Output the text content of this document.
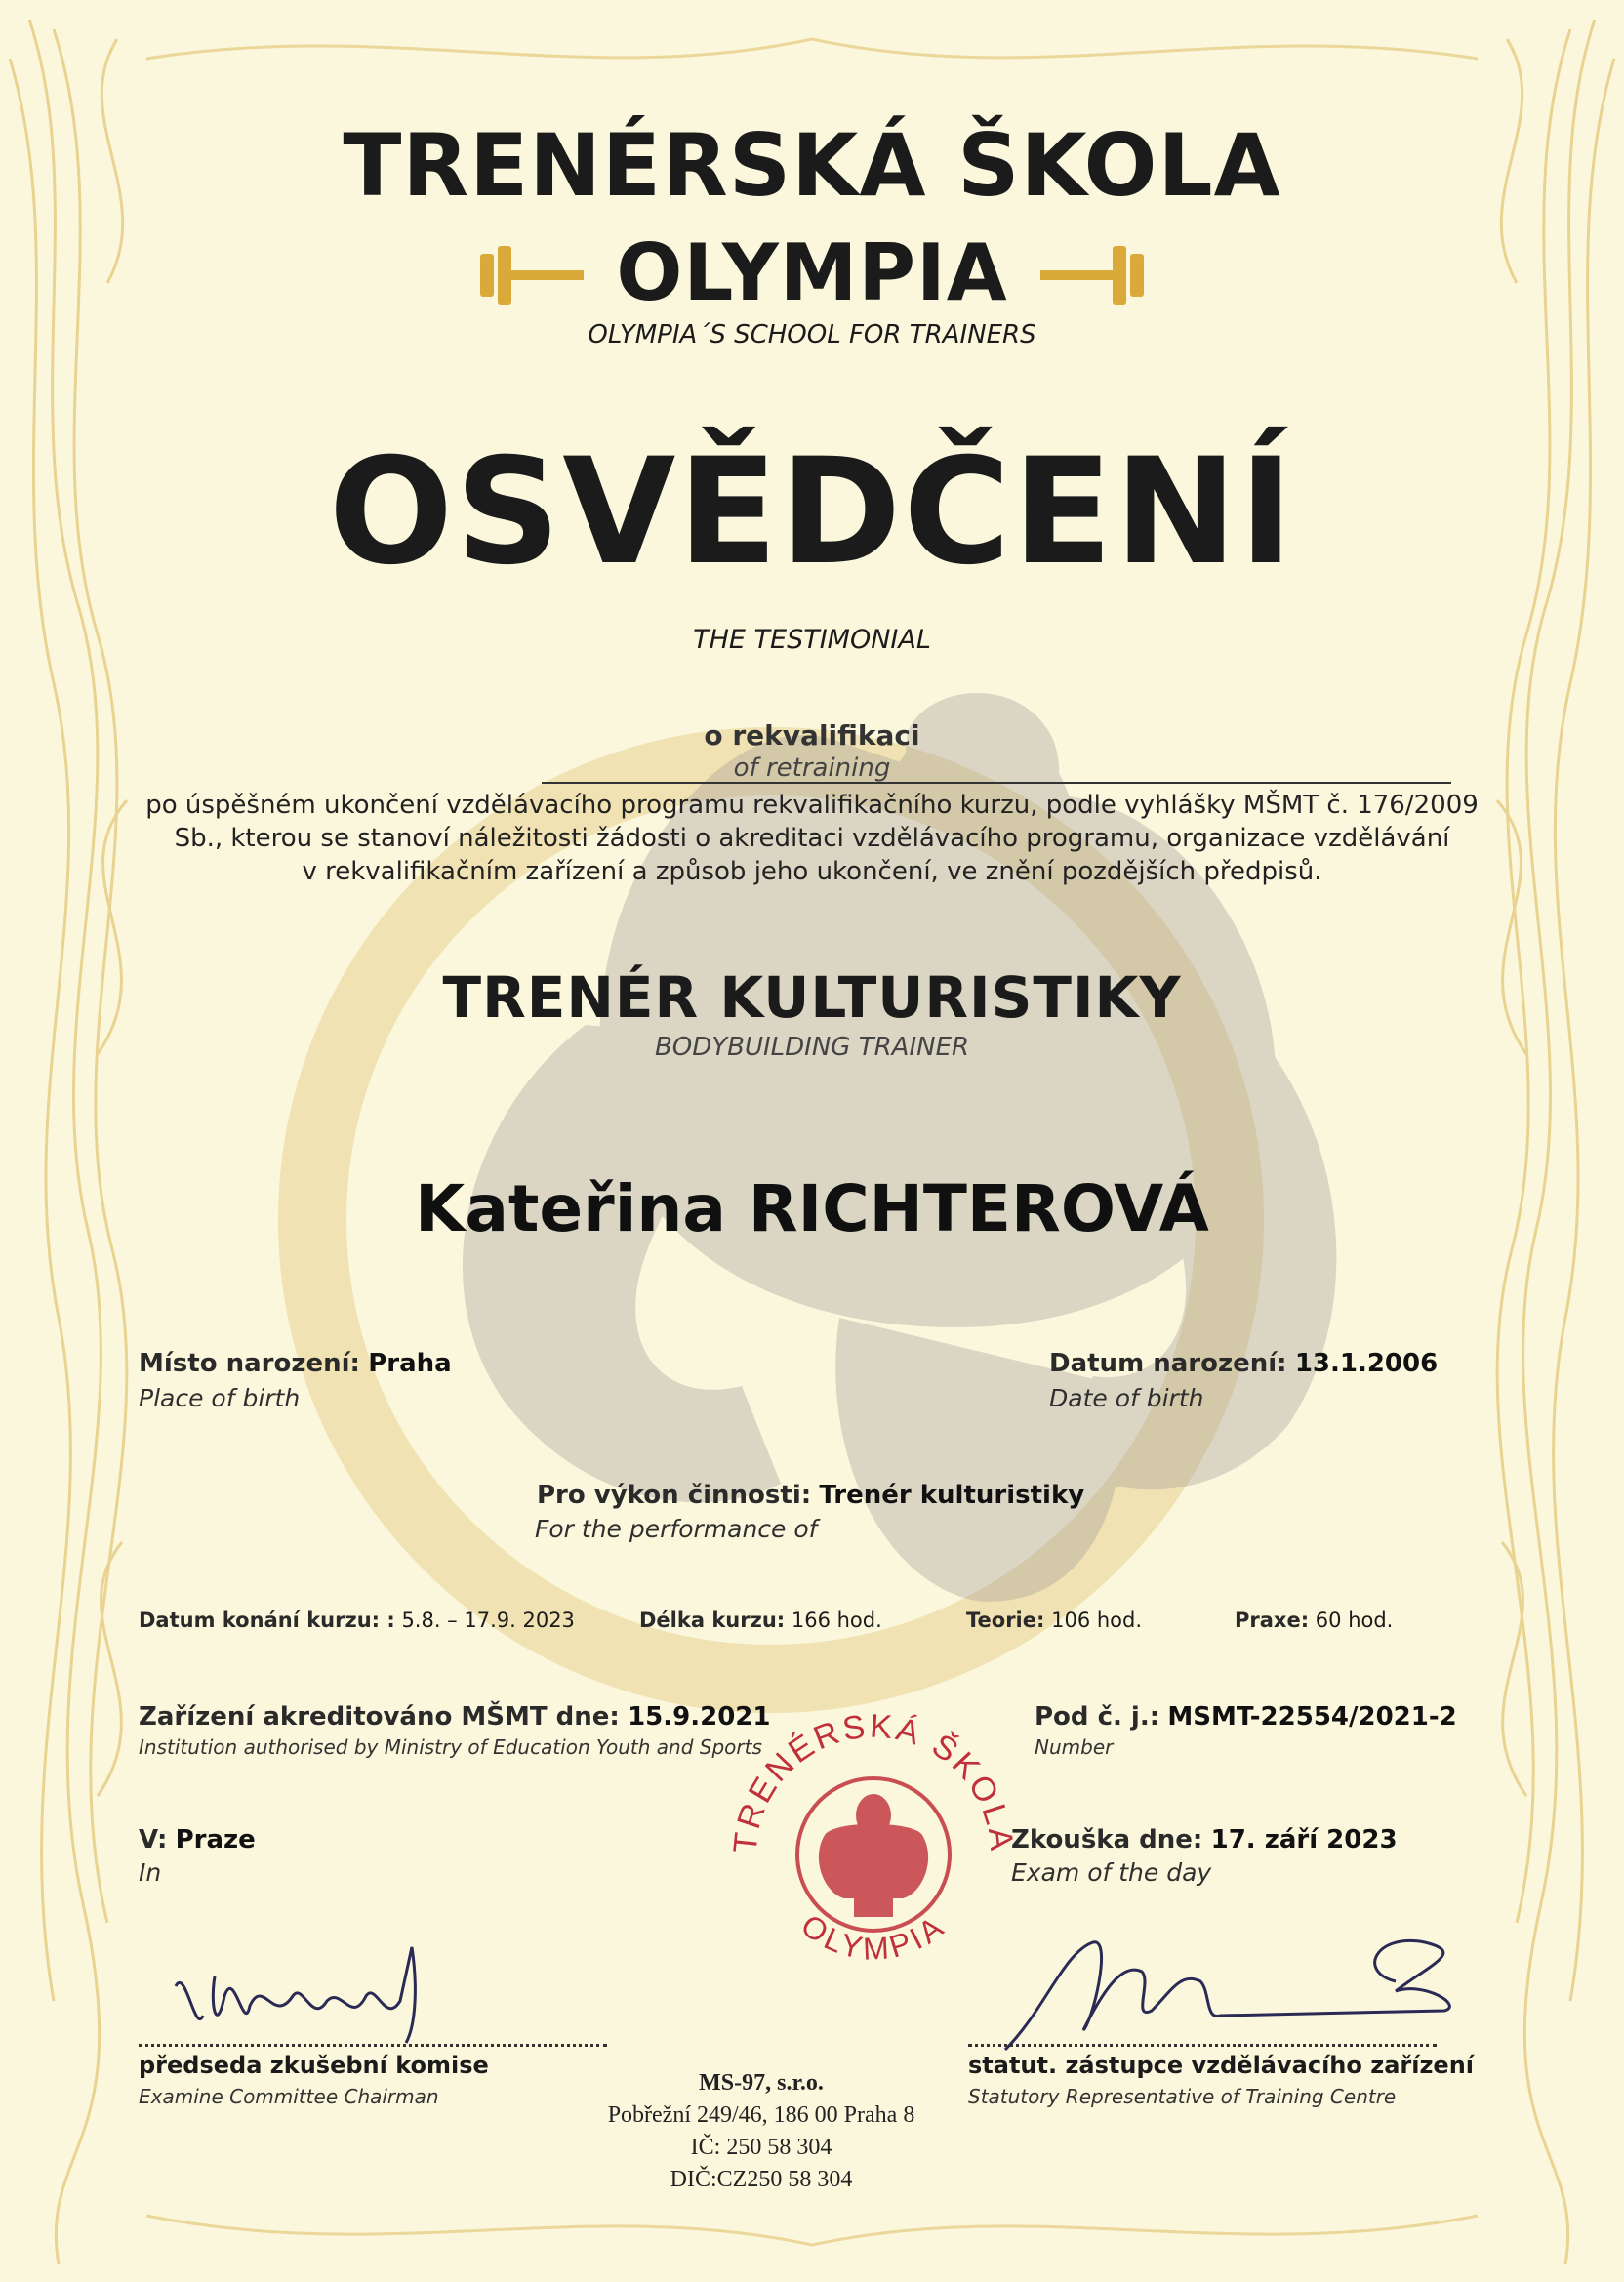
TRENÉRSKÁ ŠKOLA
OLYMPIA
OLYMPIA´S SCHOOL FOR TRAINERS
OSVĚDČENÍ
THE TESTIMONIAL
o rekvalifikaci
of retraining
po úspěšném ukončení vzdělávacího programu rekvalifikačního kurzu, podle vyhlášky MŠMT č. 176/2009
Sb., kterou se stanoví náležitosti žádosti o akreditaci vzdělávacího programu, organizace vzdělávání
v rekvalifikačním zařízení a způsob jeho ukončení, ve znění pozdějších předpisů.
TRENÉR KULTURISTIKY
BODYBUILDING TRAINER
Kateřina RICHTEROVÁ
Místo narození: Praha
Place of birth
Datum narození: 13.1.2006
Date of birth
Pro výkon činnosti: Trenér kulturistiky
For the performance of
Datum konání kurzu: : 5.8. – 17.9. 2023	Délka kurzu: 166 hod.	Teorie: 106 hod.	Praxe: 60 hod.
Zařízení akreditováno MŠMT dne: 15.9.2021
Institution authorised by Ministry of Education Youth and Sports
Pod č. j.: MSMT-22554/2021-2
Number
V: Praze
In
Zkouška dne: 17. září 2023
Exam of the day
TRENÉRSKÁ ŠKOLA
OLYMPIA
předseda zkušební komise
Examine Committee Chairman
statut. zástupce vzdělávacího zařízení
Statutory Representative of Training Centre
MS-97, s.r.o.
Pobřežní 249/46, 186 00 Praha 8
IČ: 250 58 304
DIČ:CZ250 58 304
